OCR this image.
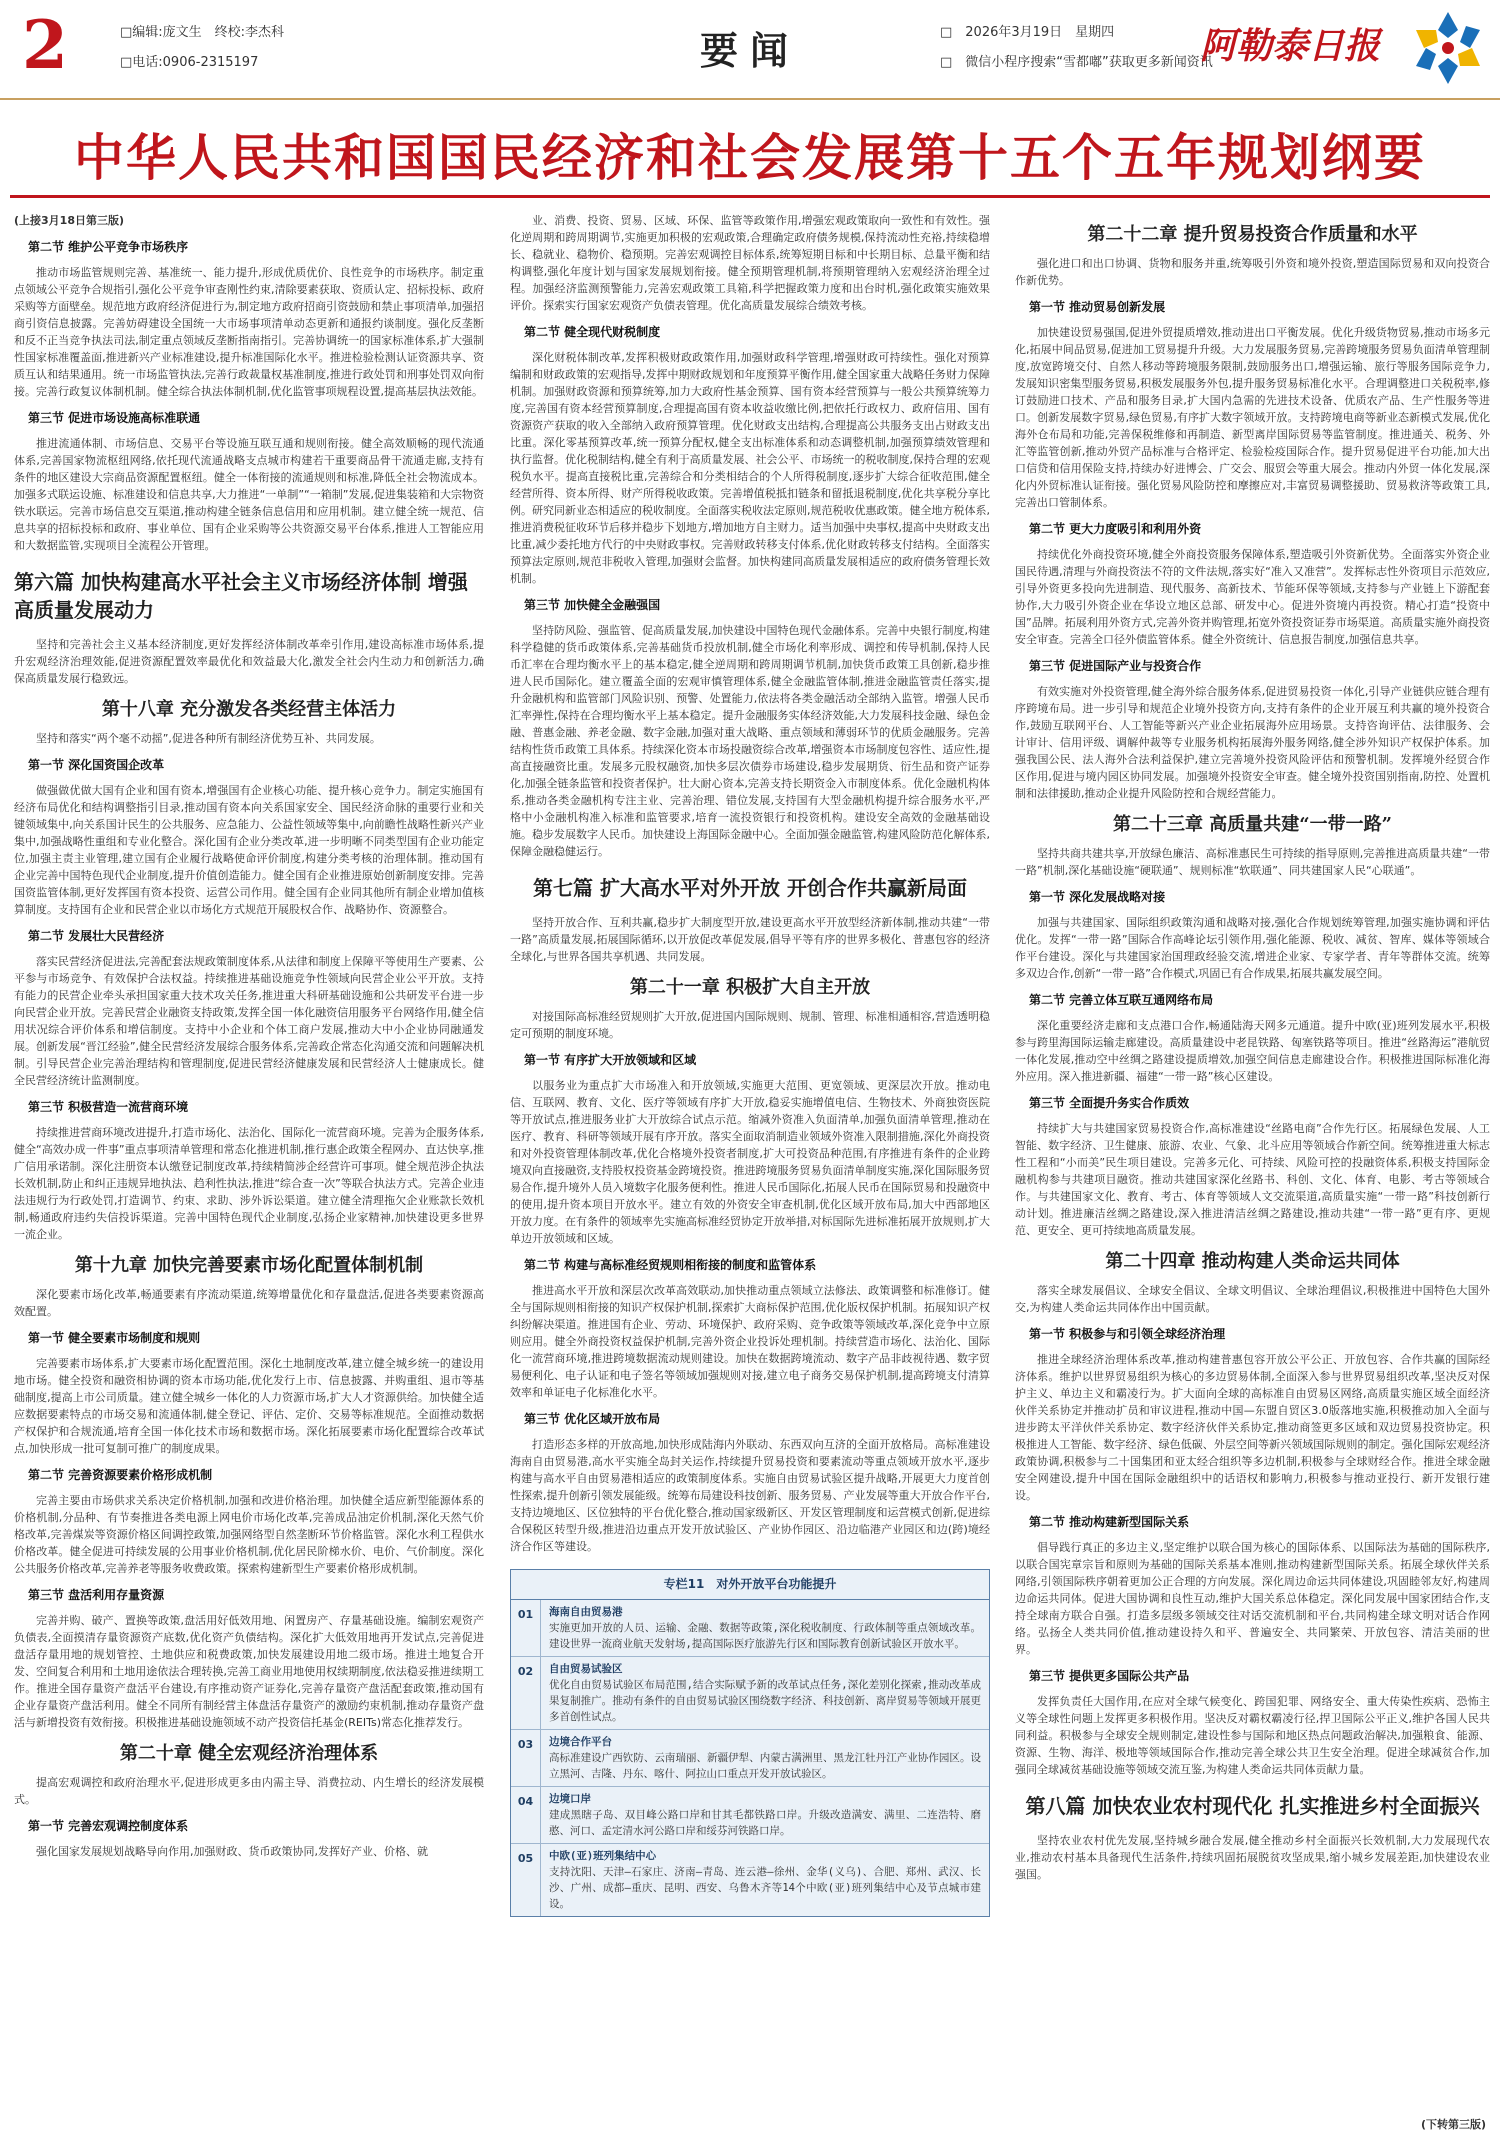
2	□编辑:庞文生　终校:李杰科
□电话:0906-2315197	要闻	□　2026年3月19日　星期四
□　微信小程序搜索“雪都嘟”获取更多新闻资讯
阿勒泰日报
中华人民共和国国民经济和社会发展第十五个五年规划纲要
(上接3月18日第三版)
第二节 维护公平竞争市场秩序
推动市场监管规则完善、基准统一、能力提升,形成优质优价、良性竞争的市场秩序。制定重点领域公平竞争合规指引,强化公平竞争审查刚性约束,清除要素获取、资质认定、招标投标、政府采购等方面壁垒。规范地方政府经济促进行为,制定地方政府招商引资鼓励和禁止事项清单,加强招商引资信息披露。完善妨碍建设全国统一大市场事项清单动态更新和通报约谈制度。强化反垄断和反不正当竞争执法司法,制定重点领域反垄断指南指引。完善协调统一的国家标准体系,扩大强制性国家标准覆盖面,推进新兴产业标准建设,提升标准国际化水平。推进检验检测认证资源共享、资质互认和结果通用。统一市场监管执法,完善行政裁量权基准制度,推进行政处罚和刑事处罚双向衔接。完善行政复议体制机制。健全综合执法体制机制,优化监管事项规程设置,提高基层执法效能。
第三节 促进市场设施高标准联通
推进流通体制、市场信息、交易平台等设施互联互通和规则衔接。健全高效顺畅的现代流通体系,完善国家物流枢纽网络,依托现代流通战略支点城市构建若干重要商品骨干流通走廊,支持有条件的地区建设大宗商品资源配置枢纽。健全一体衔接的流通规则和标准,降低全社会物流成本。加强多式联运设施、标准建设和信息共享,大力推进“一单制”“一箱制”发展,促进集装箱和大宗物资铁水联运。完善市场信息交互渠道,推动构建全链条信息信用和应用机制。建立健全统一规范、信息共享的招标投标和政府、事业单位、国有企业采购等公共资源交易平台体系,推进人工智能应用和大数据监管,实现项目全流程公开管理。
第六篇 加快构建高水平社会主义市场经济体制 增强高质量发展动力
坚持和完善社会主义基本经济制度,更好发挥经济体制改革牵引作用,建设高标准市场体系,提升宏观经济治理效能,促进资源配置效率最优化和效益最大化,激发全社会内生动力和创新活力,确保高质量发展行稳致远。
第十八章 充分激发各类经营主体活力
坚持和落实“两个毫不动摇”,促进各种所有制经济优势互补、共同发展。
第一节 深化国资国企改革
做强做优做大国有企业和国有资本,增强国有企业核心功能、提升核心竞争力。制定实施国有经济布局优化和结构调整指引目录,推动国有资本向关系国家安全、国民经济命脉的重要行业和关键领域集中,向关系国计民生的公共服务、应急能力、公益性领域等集中,向前瞻性战略性新兴产业集中,加强战略性重组和专业化整合。深化国有企业分类改革,进一步明晰不同类型国有企业功能定位,加强主责主业管理,建立国有企业履行战略使命评价制度,构建分类考核的治理体制。推动国有企业完善中国特色现代企业制度,提升价值创造能力。健全国有企业推进原始创新制度安排。完善国资监管体制,更好发挥国有资本投资、运营公司作用。健全国有企业同其他所有制企业增加值核算制度。支持国有企业和民营企业以市场化方式规范开展股权合作、战略协作、资源整合。
第二节 发展壮大民营经济
落实民营经济促进法,完善配套法规政策制度体系,从法律和制度上保障平等使用生产要素、公平参与市场竞争、有效保护合法权益。持续推进基础设施竞争性领域向民营企业公平开放。支持有能力的民营企业牵头承担国家重大技术攻关任务,推进重大科研基础设施和公共研发平台进一步向民营企业开放。完善民营企业融资支持政策,发挥全国一体化融资信用服务平台网络作用,健全信用状况综合评价体系和增信制度。支持中小企业和个体工商户发展,推动大中小企业协同融通发展。创新发展“晋江经验”,健全民营经济发展综合服务体系,完善政企常态化沟通交流和问题解决机制。引导民营企业完善治理结构和管理制度,促进民营经济健康发展和民营经济人士健康成长。健全民营经济统计监测制度。
第三节 积极营造一流营商环境
持续推进营商环境改进提升,打造市场化、法治化、国际化一流营商环境。完善为企服务体系,健全“高效办成一件事”重点事项清单管理和常态化推进机制,推行惠企政策全程网办、直达快享,推广信用承诺制。深化注册资本认缴登记制度改革,持续精简涉企经营许可事项。健全规范涉企执法长效机制,防止和纠正违规异地执法、趋利性执法,推进“综合查一次”等联合执法方式。完善企业违法违规行为行政处罚,打造调节、约束、求助、涉外诉讼渠道。建立健全清理拖欠企业账款长效机制,畅通政府违约失信投诉渠道。完善中国特色现代企业制度,弘扬企业家精神,加快建设更多世界一流企业。
第十九章 加快完善要素市场化配置体制机制
深化要素市场化改革,畅通要素有序流动渠道,统筹增量优化和存量盘活,促进各类要素资源高效配置。
第一节 健全要素市场制度和规则
完善要素市场体系,扩大要素市场化配置范围。深化土地制度改革,建立健全城乡统一的建设用地市场。健全投资和融资相协调的资本市场功能,优化发行上市、信息披露、并购重组、退市等基础制度,提高上市公司质量。建立健全城乡一体化的人力资源市场,扩大人才资源供给。加快健全适应数据要素特点的市场交易和流通体制,健全登记、评估、定价、交易等标准规范。全面推动数据产权保护和合规流通,培育全国一体化技术市场和数据市场。深化拓展要素市场化配置综合改革试点,加快形成一批可复制可推广的制度成果。
第二节 完善资源要素价格形成机制
完善主要由市场供求关系决定价格机制,加强和改进价格治理。加快健全适应新型能源体系的价格机制,分品种、有节奏推进各类电源上网电价市场化改革,完善成品油定价机制,深化天然气价格改革,完善煤炭等资源价格区间调控政策,加强网络型自然垄断环节价格监管。深化水利工程供水价格改革。健全促进可持续发展的公用事业价格机制,优化居民阶梯水价、电价、气价制度。深化公共服务价格改革,完善养老等服务收费政策。探索构建新型生产要素价格形成机制。
第三节 盘活利用存量资源
完善并购、破产、置换等政策,盘活用好低效用地、闲置房产、存量基础设施。编制宏观资产负债表,全面摸清存量资源资产底数,优化资产负债结构。深化扩大低效用地再开发试点,完善促进盘活存量用地的规划管控、土地供应和税费政策,加快发展建设用地二级市场。推进土地复合开发、空间复合利用和土地用途依法合理转换,完善工商业用地使用权续期制度,依法稳妥推进续期工作。推进全国存量资产盘活平台建设,有序推动资产证券化,完善存量资产盘活配套政策,推动国有企业存量资产盘活利用。健全不同所有制经营主体盘活存量资产的激励约束机制,推动存量资产盘活与新增投资有效衔接。积极推进基础设施领域不动产投资信托基金(REITs)常态化推荐发行。
第二十章 健全宏观经济治理体系
提高宏观调控和政府治理水平,促进形成更多由内需主导、消费拉动、内生增长的经济发展模式。
第一节 完善宏观调控制度体系
强化国家发展规划战略导向作用,加强财政、货币政策协同,发挥好产业、价格、就
业、消费、投资、贸易、区域、环保、监管等政策作用,增强宏观政策取向一致性和有效性。强化逆周期和跨周期调节,实施更加积极的宏观政策,合理确定政府债务规模,保持流动性充裕,持续稳增长、稳就业、稳物价、稳预期。完善宏观调控目标体系,统筹短期目标和中长期目标、总量平衡和结构调整,强化年度计划与国家发展规划衔接。健全预期管理机制,将预期管理纳入宏观经济治理全过程。加强经济监测预警能力,完善宏观政策工具箱,科学把握政策力度和出台时机,强化政策实施效果评价。探索实行国家宏观资产负债表管理。优化高质量发展综合绩效考核。
第二节 健全现代财税制度
深化财税体制改革,发挥积极财政政策作用,加强财政科学管理,增强财政可持续性。强化对预算编制和财政政策的宏观指导,发挥中期财政规划和年度预算平衡作用,健全国家重大战略任务财力保障机制。加强财政资源和预算统筹,加力大政府性基金预算、国有资本经营预算与一般公共预算统筹力度,完善国有资本经营预算制度,合理提高国有资本收益收缴比例,把依托行政权力、政府信用、国有资源资产获取的收入全部纳入政府预算管理。优化财政支出结构,合理提高公共服务支出占财政支出比重。深化零基预算改革,统一预算分配权,健全支出标准体系和动态调整机制,加强预算绩效管理和执行监督。优化税制结构,健全有利于高质量发展、社会公平、市场统一的税收制度,保持合理的宏观税负水平。提高直接税比重,完善综合和分类相结合的个人所得税制度,逐步扩大综合征收范围,健全经营所得、资本所得、财产所得税收政策。完善增值税抵扣链条和留抵退税制度,优化共享税分享比例。研究同新业态相适应的税收制度。全面落实税收法定原则,规范税收优惠政策。健全地方税体系,推进消费税征收环节后移并稳步下划地方,增加地方自主财力。适当加强中央事权,提高中央财政支出比重,减少委托地方代行的中央财政事权。完善财政转移支付体系,优化财政转移支付结构。全面落实预算法定原则,规范非税收入管理,加强财会监督。加快构建同高质量发展相适应的政府债务管理长效机制。
第三节 加快健全金融强国
坚持防风险、强监管、促高质量发展,加快建设中国特色现代金融体系。完善中央银行制度,构建科学稳健的货币政策体系,完善基础货币投放机制,健全市场化利率形成、调控和传导机制,保持人民币汇率在合理均衡水平上的基本稳定,健全逆周期和跨周期调节机制,加快货币政策工具创新,稳步推进人民币国际化。建立覆盖全面的宏观审慎管理体系,健全金融监管体制,推进金融监管责任落实,提升金融机构和监管部门风险识别、预警、处置能力,依法将各类金融活动全部纳入监管。增强人民币汇率弹性,保持在合理均衡水平上基本稳定。提升金融服务实体经济效能,大力发展科技金融、绿色金融、普惠金融、养老金融、数字金融,加强对重大战略、重点领域和薄弱环节的优质金融服务。完善结构性货币政策工具体系。持续深化资本市场投融资综合改革,增强资本市场制度包容性、适应性,提高直接融资比重。发展多元股权融资,加快多层次债券市场建设,稳步发展期货、衍生品和资产证券化,加强全链条监管和投资者保护。壮大耐心资本,完善支持长期资金入市制度体系。优化金融机构体系,推动各类金融机构专注主业、完善治理、错位发展,支持国有大型金融机构提升综合服务水平,严格中小金融机构准入标准和监管要求,培育一流投资银行和投资机构。建设安全高效的金融基础设施。稳步发展数字人民币。加快建设上海国际金融中心。全面加强金融监管,构建风险防范化解体系,保障金融稳健运行。
第七篇 扩大高水平对外开放 开创合作共赢新局面
坚持开放合作、互利共赢,稳步扩大制度型开放,建设更高水平开放型经济新体制,推动共建“一带一路”高质量发展,拓展国际循环,以开放促改革促发展,倡导平等有序的世界多极化、普惠包容的经济全球化,与世界各国共享机遇、共同发展。
第二十一章 积极扩大自主开放
对接国际高标准经贸规则扩大开放,促进国内国际规则、规制、管理、标准相通相容,营造透明稳定可预期的制度环境。
第一节 有序扩大开放领域和区域
以服务业为重点扩大市场准入和开放领域,实施更大范围、更宽领域、更深层次开放。推动电信、互联网、教育、文化、医疗等领域有序扩大开放,稳妥实施增值电信、生物技术、外商独资医院等开放试点,推进服务业扩大开放综合试点示范。缩减外资准入负面清单,加强负面清单管理,推动在医疗、教育、科研等领域开展有序开放。落实全面取消制造业领域外资准入限制措施,深化外商投资和对外投资管理体制改革,优化合格境外投资者制度,扩大可投资品种范围,有序推进有条件的企业跨境双向直接融资,支持股权投资基金跨境投资。推进跨境服务贸易负面清单制度实施,深化国际服务贸易合作,提升境外人员入境数字化服务便利性。推进人民币国际化,拓展人民币在国际贸易和投融资中的使用,提升资本项目开放水平。建立有效的外资安全审查机制,优化区域开放布局,加大中西部地区开放力度。在有条件的领域率先实施高标准经贸协定开放举措,对标国际先进标准拓展开放规则,扩大单边开放领域和区域。
第二节 构建与高标准经贸规则相衔接的制度和监管体系
推进高水平开放和深层次改革高效联动,加快推动重点领域立法修法、政策调整和标准修订。健全与国际规则相衔接的知识产权保护机制,探索扩大商标保护范围,优化版权保护机制。拓展知识产权纠纷解决渠道。推进国有企业、劳动、环境保护、政府采购、竞争政策等领域改革,深化竞争中立原则应用。健全外商投资权益保护机制,完善外资企业投诉处理机制。持续营造市场化、法治化、国际化一流营商环境,推进跨境数据流动规则建设。加快在数据跨境流动、数字产品非歧视待遇、数字贸易便利化、电子认证和电子签名等领域加强规则对接,建立电子商务交易保护机制,提高跨境支付清算效率和单证电子化标准化水平。
第三节 优化区域开放布局
打造形态多样的开放高地,加快形成陆海内外联动、东西双向互济的全面开放格局。高标准建设海南自由贸易港,高水平实施全岛封关运作,持续提升贸易投资和要素流动等重点领域开放水平,逐步构建与高水平自由贸易港相适应的政策制度体系。实施自由贸易试验区提升战略,开展更大力度首创性探索,提升创新引领发展能级。统筹布局建设科技创新、服务贸易、产业发展等重大开放合作平台,支持边境地区、区位独特的平台优化整合,推动国家级新区、开发区管理制度和运营模式创新,促进综合保税区转型升级,推进沿边重点开发开放试验区、产业协作园区、沿边临港产业园区和边(跨)境经济合作区等建设。
专栏11　对外开放平台功能提升
01	海南自由贸易港
实施更加开放的人员、运输、金融、数据等政策,深化税收制度、行政体制等重点领域改革。建设世界一流商业航天发射场,提高国际医疗旅游先行区和国际教育创新试验区开放水平。
02	自由贸易试验区
优化自由贸易试验区布局范围,结合实际赋予新的改革试点任务,深化差别化探索,推动改革成果复制推广。推动有条件的自由贸易试验区围绕数字经济、科技创新、离岸贸易等领域开展更多首创性试点。
03	边境合作平台
高标准建设广西钦防、云南瑞丽、新疆伊犁、内蒙古满洲里、黑龙江牡丹江产业协作园区。设立黑河、吉隆、丹东、喀什、阿拉山口重点开发开放试验区。
04	边境口岸
建成黑瞎子岛、双目峰公路口岸和甘其毛都铁路口岸。升级改造满安、满里、二连浩特、磨憨、河口、孟定清水河公路口岸和绥芬河铁路口岸。
05	中欧(亚)班列集结中心
支持沈阳、天津—石家庄、济南—青岛、连云港—徐州、金华(义乌)、合肥、郑州、武汉、长沙、广州、成都—重庆、昆明、西安、乌鲁木齐等14个中欧(亚)班列集结中心及节点城市建设。
第二十二章 提升贸易投资合作质量和水平
强化进口和出口协调、货物和服务并重,统筹吸引外资和境外投资,塑造国际贸易和双向投资合作新优势。
第一节 推动贸易创新发展
加快建设贸易强国,促进外贸提质增效,推动进出口平衡发展。优化升级货物贸易,推动市场多元化,拓展中间品贸易,促进加工贸易提升升级。大力发展服务贸易,完善跨境服务贸易负面清单管理制度,放宽跨境交付、自然人移动等跨境服务限制,鼓励服务出口,增强运输、旅行等服务国际竞争力,发展知识密集型服务贸易,积极发展服务外包,提升服务贸易标准化水平。合理调整进口关税税率,修订鼓励进口技术、产品和服务目录,扩大国内急需的先进技术设备、优质农产品、生产性服务等进口。创新发展数字贸易,绿色贸易,有序扩大数字领域开放。支持跨境电商等新业态新模式发展,优化海外仓布局和功能,完善保税维修和再制造、新型离岸国际贸易等监管制度。推进通关、税务、外汇等监管创新,推动外贸产品标准与合格评定、检验检疫国际合作。提升贸易促进平台功能,加大出口信贷和信用保险支持,持续办好进博会、广交会、服贸会等重大展会。推动内外贸一体化发展,深化内外贸标准认证衔接。强化贸易风险防控和摩擦应对,丰富贸易调整援助、贸易救济等政策工具,完善出口管制体系。
第二节 更大力度吸引和利用外资
持续优化外商投资环境,健全外商投资服务保障体系,塑造吸引外资新优势。全面落实外资企业国民待遇,清理与外商投资法不符的文件法规,落实好“准入又准营”。发挥标志性外资项目示范效应,引导外资更多投向先进制造、现代服务、高新技术、节能环保等领域,支持参与产业链上下游配套协作,大力吸引外资企业在华设立地区总部、研发中心。促进外资境内再投资。精心打造“投资中国”品牌。拓展利用外资方式,完善外资并购管理,拓宽外资投资证券市场渠道。高质量实施外商投资安全审查。完善全口径外债监管体系。健全外资统计、信息报告制度,加强信息共享。
第三节 促进国际产业与投资合作
有效实施对外投资管理,健全海外综合服务体系,促进贸易投资一体化,引导产业链供应链合理有序跨境布局。进一步引导和规范企业境外投资方向,支持有条件的企业开展互利共赢的境外投资合作,鼓励互联网平台、人工智能等新兴产业企业拓展海外应用场景。支持咨询评估、法律服务、会计审计、信用评级、调解仲裁等专业服务机构拓展海外服务网络,健全涉外知识产权保护体系。加强我国公民、法人海外合法利益保护,建立完善境外投资风险评估和预警机制。发挥境外经贸合作区作用,促进与境内园区协同发展。加强境外投资安全审查。健全境外投资国别指南,防控、处置机制和法律援助,推动企业提升风险防控和合规经营能力。
第二十三章 高质量共建“一带一路”
坚持共商共建共享,开放绿色廉洁、高标准惠民生可持续的指导原则,完善推进高质量共建“一带一路”机制,深化基础设施“硬联通”、规则标准“软联通”、同共建国家人民“心联通”。
第一节 深化发展战略对接
加强与共建国家、国际组织政策沟通和战略对接,强化合作规划统筹管理,加强实施协调和评估优化。发挥“一带一路”国际合作高峰论坛引领作用,强化能源、税收、减贫、智库、媒体等领域合作平台建设。深化与共建国家治国理政经验交流,增进企业家、专家学者、青年等群体交流。统筹多双边合作,创新“一带一路”合作模式,巩固已有合作成果,拓展共赢发展空间。
第二节 完善立体互联互通网络布局
深化重要经济走廊和支点港口合作,畅通陆海天网多元通道。提升中欧(亚)班列发展水平,积极参与跨里海国际运输走廊建设。高质量建设中老昆铁路、匈塞铁路等项目。推进“丝路海运”港航贸一体化发展,推动空中丝绸之路建设提质增效,加强空间信息走廊建设合作。积极推进国际标准化海外应用。深入推进新疆、福建“一带一路”核心区建设。
第三节 全面提升务实合作质效
持续扩大与共建国家贸易投资合作,高标准建设“丝路电商”合作先行区。拓展绿色发展、人工智能、数字经济、卫生健康、旅游、农业、气象、北斗应用等领域合作新空间。统筹推进重大标志性工程和“小而美”民生项目建设。完善多元化、可持续、风险可控的投融资体系,积极支持国际金融机构参与共建项目融资。推动共建国家深化丝路书、科创、文化、体育、电影、考古等领域合作。与共建国家文化、教育、考古、体育等领域人文交流渠道,高质量实施“一带一路”科技创新行动计划。推进廉洁丝绸之路建设,深入推进清洁丝绸之路建设,推动共建“一带一路”更有序、更规范、更安全、更可持续地高质量发展。
第二十四章 推动构建人类命运共同体
落实全球发展倡议、全球安全倡议、全球文明倡议、全球治理倡议,积极推进中国特色大国外交,为构建人类命运共同体作出中国贡献。
第一节 积极参与和引领全球经济治理
推进全球经济治理体系改革,推动构建普惠包容开放公平公正、开放包容、合作共赢的国际经济体系。维护以世界贸易组织为核心的多边贸易体制,全面深入参与世界贸易组织改革,坚决反对保护主义、单边主义和霸凌行为。扩大面向全球的高标准自由贸易区网络,高质量实施区域全面经济伙伴关系协定并推动扩员和审议进程,推动中国—东盟自贸区3.0版落地实施,积极推动加入全面与进步跨太平洋伙伴关系协定、数字经济伙伴关系协定,推动商签更多区域和双边贸易投资协定。积极推进人工智能、数字经济、绿色低碳、外层空间等新兴领域国际规则的制定。强化国际宏观经济政策协调,积极参与二十国集团和亚太经合组织等多边机制,积极参与全球财经合作。推进全球金融安全网建设,提升中国在国际金融组织中的话语权和影响力,积极参与推动亚投行、新开发银行建设。
第二节 推动构建新型国际关系
倡导践行真正的多边主义,坚定维护以联合国为核心的国际体系、以国际法为基础的国际秩序,以联合国宪章宗旨和原则为基础的国际关系基本准则,推动构建新型国际关系。拓展全球伙伴关系网络,引领国际秩序朝着更加公正合理的方向发展。深化周边命运共同体建设,巩固睦邻友好,构建周边命运共同体。促进大国协调和良性互动,维护大国关系总体稳定。深化同发展中国家团结合作,支持全球南方联合自强。打造多层级多领域交往对话交流机制和平台,共同构建全球文明对话合作网络。弘扬全人类共同价值,推动建设持久和平、普遍安全、共同繁荣、开放包容、清洁美丽的世界。
第三节 提供更多国际公共产品
发挥负责任大国作用,在应对全球气候变化、跨国犯罪、网络安全、重大传染性疾病、恐怖主义等全球性问题上发挥更多积极作用。坚决反对霸权霸凌行径,捍卫国际公平正义,维护各国人民共同利益。积极参与全球安全规则制定,建设性参与国际和地区热点问题政治解决,加强粮食、能源、资源、生物、海洋、极地等领域国际合作,推动完善全球公共卫生安全治理。促进全球减贫合作,加强同全球减贫基础设施等领域交流互鉴,为构建人类命运共同体贡献力量。
第八篇 加快农业农村现代化 扎实推进乡村全面振兴
坚持农业农村优先发展,坚持城乡融合发展,健全推动乡村全面振兴长效机制,大力发展现代农业,推动农村基本具备现代生活条件,持续巩固拓展脱贫攻坚成果,缩小城乡发展差距,加快建设农业强国。
(下转第三版)
